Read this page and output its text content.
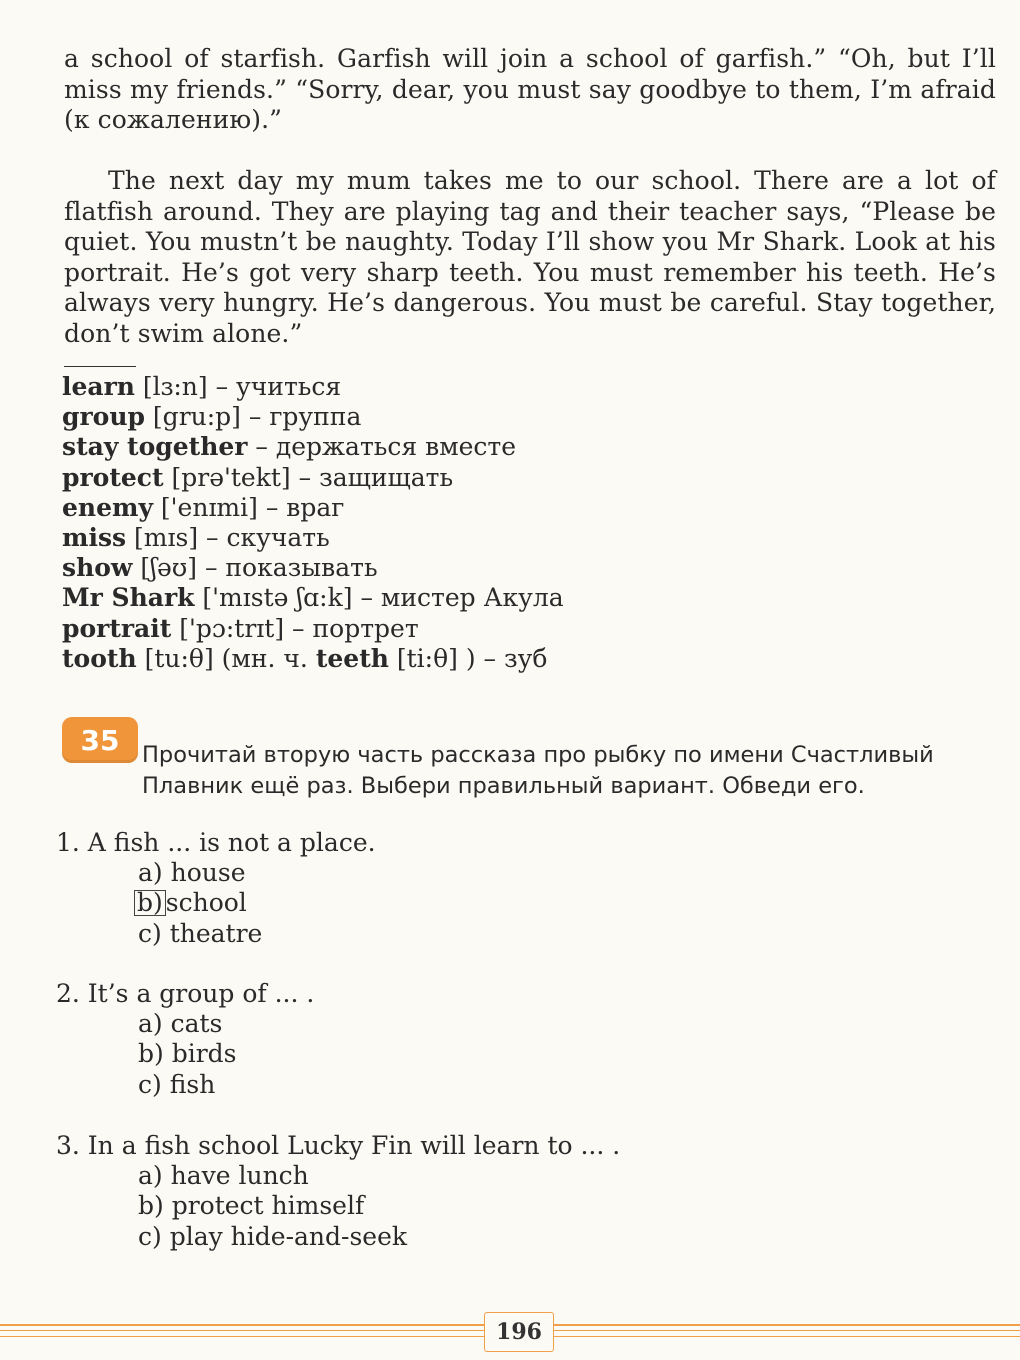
a school of starfish. Garfish will join a school of garfish.” “Oh, but I’ll miss my friends.” “Sorry, dear, you must say goodbye to them, I’m afraid (к сожалению).”

The next day my mum takes me to our school. There are a lot of flatfish around. They are playing tag and their teacher says, “Please be quiet. You mustn’t be naughty. Today I’ll show you Mr Shark. Look at his portrait. He’s got very sharp teeth. You must remember his teeth. He’s always very hungry. He’s dangerous. You must be careful. Stay together, don’t swim alone.”

learn [lɜ:n] – учиться
group [gru:p] – группа
stay together – держаться вместе
protect [prə'tekt] – защищать
enemy ['enɪmi] – враг
miss [mɪs] – скучать
show [ʃəʊ] – показывать
Mr Shark ['mɪstə ʃɑ:k] – мистер Акула
portrait ['pɔ:trɪt] – портрет
tooth [tu:θ] (мн. ч. teeth [ti:θ] ) – зуб
35	Прочитай вторую часть рассказа про рыбку по имени Счастливый Плавник ещё раз. Выбери правильный вариант. Обведи его.

1. A fish ... is not a place.
a) house
b) school
c) theatre
2. It’s a group of ... .
a) cats
b) birds
c) fish
3. In a fish school Lucky Fin will learn to ... .
a) have lunch
b) protect himself
c) play hide-and-seek
196
